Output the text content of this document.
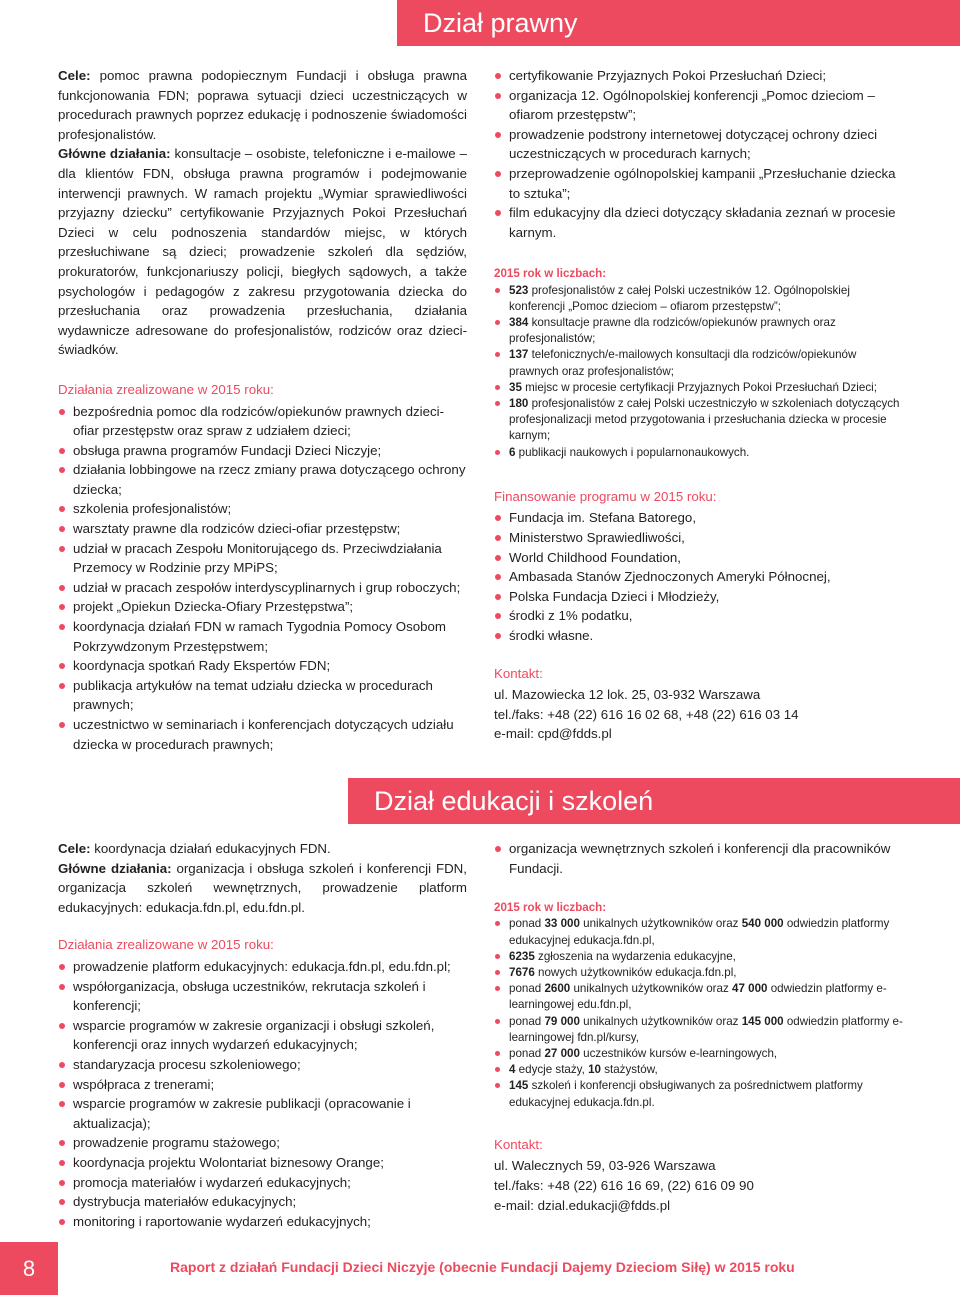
Dział prawny

Cele: pomoc prawna podopiecznym Fundacji i obsługa prawna funkcjonowania FDN; poprawa sytuacji dzieci uczestniczących w procedurach prawnych poprzez edukację i podnoszenie świadomości profesjonalistów.
Główne działania: konsultacje – osobiste, telefoniczne i e-mailowe – dla klientów FDN, obsługa prawna programów i podejmowanie interwencji prawnych. W ramach projektu „Wymiar sprawiedliwości przyjazny dziecku” certyfikowanie Przyjaznych Pokoi Przesłuchań Dzieci w celu podnoszenia standardów miejsc, w których przesłuchiwane są dzieci; prowadzenie szkoleń dla sędziów, prokuratorów, funkcjonariuszy policji, biegłych sądowych, a także psychologów i pedagogów z zakresu przygotowania dziecka do przesłuchania oraz prowadzenia przesłuchania, działania wydawnicze adresowane do profesjonalistów, rodziców oraz dzieci-świadków.

Działania zrealizowane w 2015 roku:
bezpośrednia pomoc dla rodziców/opiekunów prawnych dzieci-ofiar przestępstw oraz spraw z udziałem dzieci;
obsługa prawna programów Fundacji Dzieci Niczyje;
działania lobbingowe na rzecz zmiany prawa dotyczącego ochrony dziecka;
szkolenia profesjonalistów;
warsztaty prawne dla rodziców dzieci-ofiar przestępstw;
udział w pracach Zespołu Monitorującego ds. Przeciwdziałania Przemocy w Rodzinie przy MPiPS;
udział w pracach zespołów interdyscyplinarnych i grup roboczych;
projekt „Opiekun Dziecka-Ofiary Przestępstwa”;
koordynacja działań FDN w ramach Tygodnia Pomocy Osobom Pokrzywdzonym Przestępstwem;
koordynacja spotkań Rady Ekspertów FDN;
publikacja artykułów na temat udziału dziecka w procedurach prawnych;
uczestnictwo w seminariach i konferencjach dotyczących udziału dziecka w procedurach prawnych;
certyfikowanie Przyjaznych Pokoi Przesłuchań Dzieci;
organizacja 12. Ogólnopolskiej konferencji „Pomoc dzieciom – ofiarom przestępstw”;
prowadzenie podstrony internetowej dotyczącej ochrony dzieci uczestniczących w procedurach karnych;
przeprowadzenie ogólnopolskiej kampanii „Przesłuchanie dziecka to sztuka”;
film edukacyjny dla dzieci dotyczący składania zeznań w procesie karnym.
2015 rok w liczbach:
523 profesjonalistów z całej Polski uczestników 12. Ogólnopolskiej konferencji „Pomoc dzieciom – ofiarom przestępstw”;
384 konsultacje prawne dla rodziców/opiekunów prawnych oraz profesjonalistów;
137 telefonicznych/e-mailowych konsultacji dla rodziców/opiekunów prawnych oraz profesjonalistów;
35 miejsc w procesie certyfikacji Przyjaznych Pokoi Przesłuchań Dzieci;
180 profesjonalistów z całej Polski uczestniczyło w szkoleniach dotyczących profesjonalizacji metod przygotowania i przesłuchania dziecka w procesie karnym;
6 publikacji naukowych i popularnonaukowych.
Finansowanie programu w 2015 roku:
Fundacja im. Stefana Batorego,
Ministerstwo Sprawiedliwości,
World Childhood Foundation,
Ambasada Stanów Zjednoczonych Ameryki Północnej,
Polska Fundacja Dzieci i Młodzieży,
środki z 1% podatku,
środki własne.
Kontakt:
ul. Mazowiecka 12 lok. 25, 03-932 Warszawa
tel./faks: +48 (22) 616 16 02 68, +48 (22) 616 03 14
e-mail: cpd@fdds.pl
Dział edukacji i szkoleń

Cele: koordynacja działań edukacyjnych FDN.
Główne działania: organizacja i obsługa szkoleń i konferencji FDN, organizacja szkoleń wewnętrznych, prowadzenie platform edukacyjnych: edukacja.fdn.pl, edu.fdn.pl.

Działania zrealizowane w 2015 roku:
prowadzenie platform edukacyjnych: edukacja.fdn.pl, edu.fdn.pl;
współorganizacja, obsługa uczestników, rekrutacja szkoleń i konferencji;
wsparcie programów w zakresie organizacji i obsługi szkoleń, konferencji oraz innych wydarzeń edukacyjnych;
standaryzacja procesu szkoleniowego;
współpraca z trenerami;
wsparcie programów w zakresie publikacji (opracowanie i aktualizacja);
prowadzenie programu stażowego;
koordynacja projektu Wolontariat biznesowy Orange;
promocja materiałów i wydarzeń edukacyjnych;
dystrybucja materiałów edukacyjnych;
monitoring i raportowanie wydarzeń edukacyjnych;
organizacja wewnętrznych szkoleń i konferencji dla pracowników Fundacji.
2015 rok w liczbach:
ponad 33 000 unikalnych użytkowników oraz 540 000 odwiedzin platformy edukacyjnej edukacja.fdn.pl,
6235 zgłoszenia na wydarzenia edukacyjne,
7676 nowych użytkowników edukacja.fdn.pl,
ponad 2600 unikalnych użytkowników oraz 47 000 odwiedzin platformy e-learningowej edu.fdn.pl,
ponad 79 000 unikalnych użytkowników oraz 145 000 odwiedzin platformy e-learningowej fdn.pl/kursy,
ponad 27 000 uczestników kursów e-learningowych,
4 edycje staży, 10 stażystów,
145 szkoleń i konferencji obsługiwanych za pośrednictwem platformy edukacyjnej edukacja.fdn.pl.
Kontakt:
ul. Walecznych 59, 03-926 Warszawa
tel./faks: +48 (22) 616 16 69, (22) 616 09 90
e-mail: dzial.edukacji@fdds.pl
8	Raport z działań Fundacji Dzieci Niczyje (obecnie Fundacji Dajemy Dzieciom Siłę) w 2015 roku
